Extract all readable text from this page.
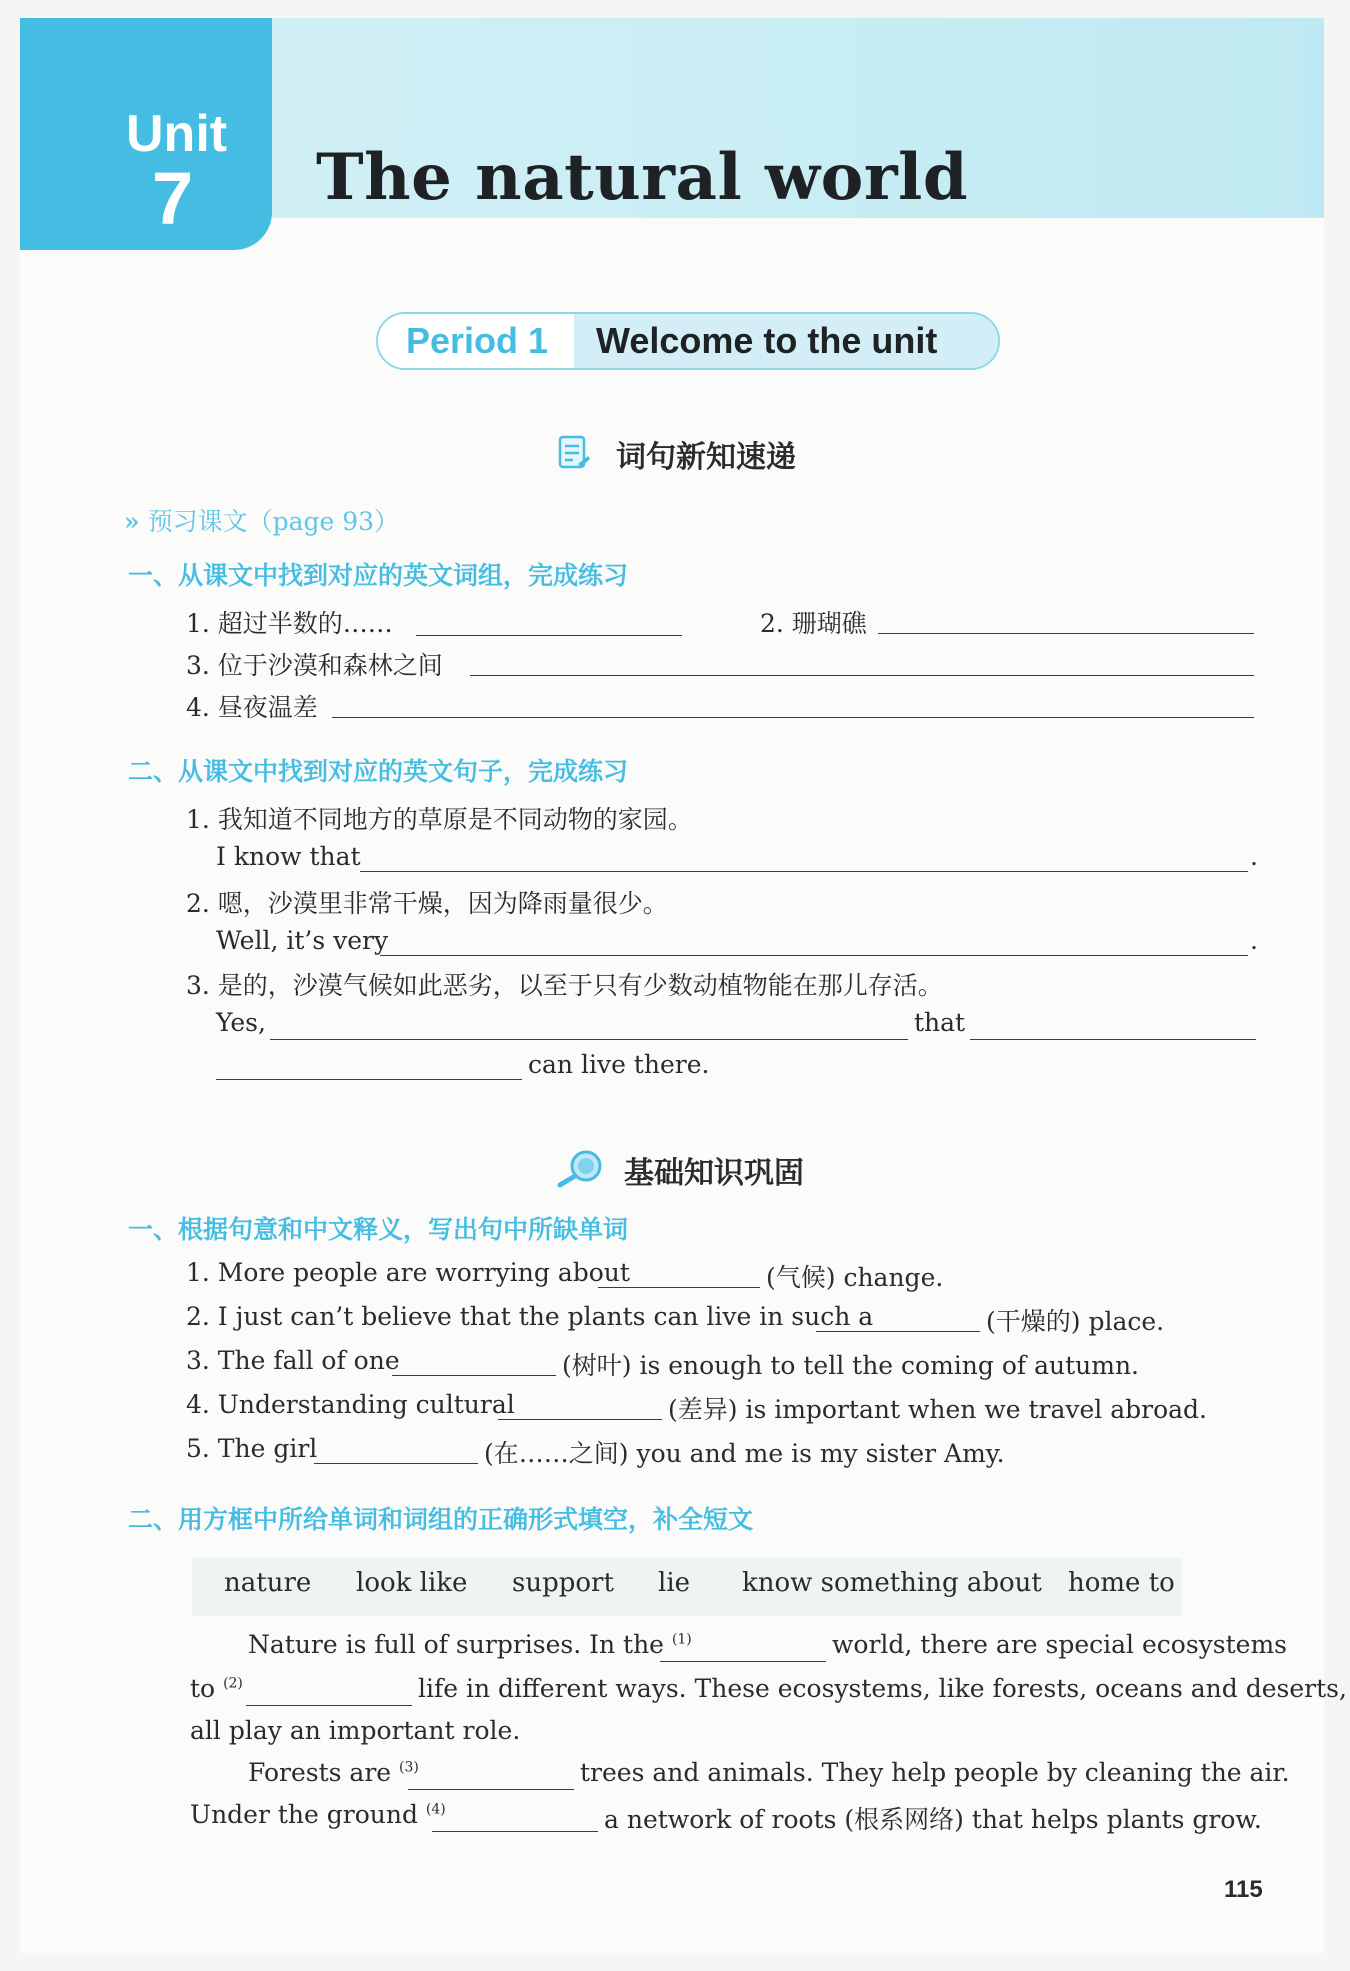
Unit
7 The natural world
Period 1	Welcome to the unit
词句新知速递
» 预习课文（page 93）
一、从课文中找到对应的英文词组，完成练习
1. 超过半数的……	2. 珊瑚礁
3. 位于沙漠和森林之间
4. 昼夜温差
二、从课文中找到对应的英文句子，完成练习
1. 我知道不同地方的草原是不同动物的家园。
I know that	.
2. 嗯，沙漠里非常干燥，因为降雨量很少。
Well, it’s very	.
3. 是的，沙漠气候如此恶劣，以至于只有少数动植物能在那儿存活。
Yes,	that
can live there.
基础知识巩固
一、根据句意和中文释义，写出句中所缺单词
1. More people are worrying about	(气候) change.
2. I just can’t believe that the plants can live in such a	(干燥的) place.
3. The fall of one	(树叶) is enough to tell the coming of autumn.
4. Understanding cultural	(差异) is important when we travel abroad.
5. The girl	(在……之间) you and me is my sister Amy.
二、用方框中所给单词和词组的正确形式填空，补全短文
nature look like support lie know something about home to
Nature is full of surprises. In the $^{(1)}$	world, there are special ecosystems
to $^{(2)}$	life in different ways. These ecosystems, like forests, oceans and deserts,
all play an important role.
Forests are $^{(3)}$	trees and animals. They help people by cleaning the air.
Under the ground $^{(4)}$	a network of roots (根系网络) that helps plants grow.
115
